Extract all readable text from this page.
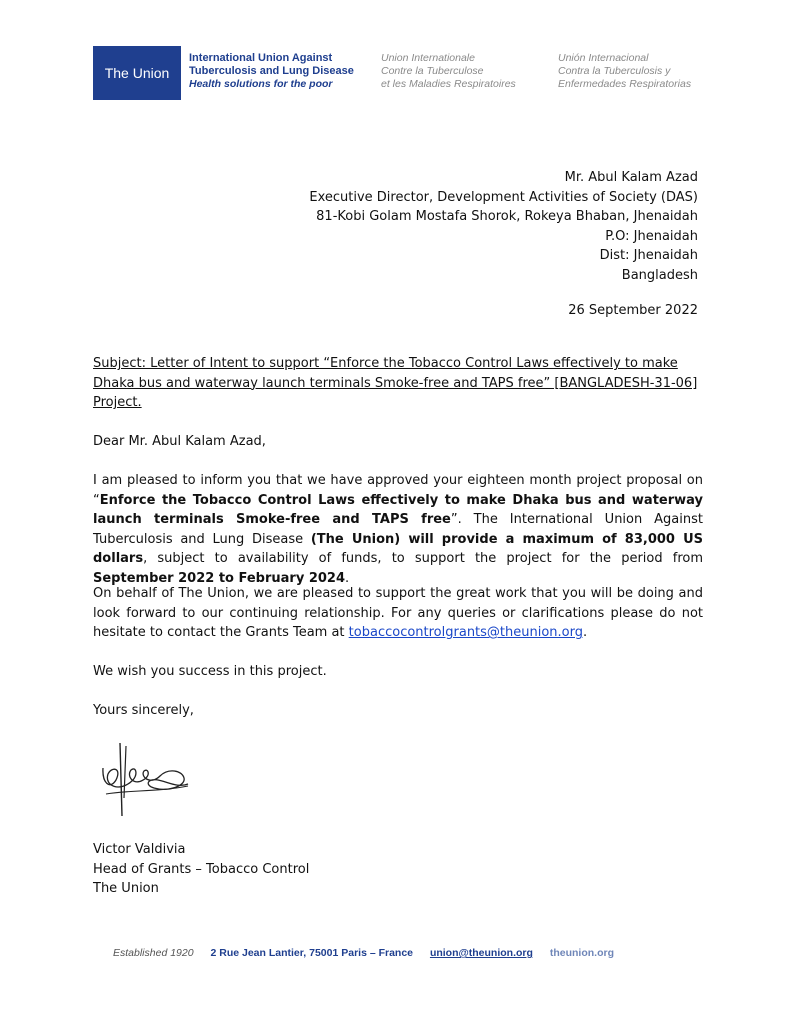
The Union
International Union Against
Tuberculosis and Lung Disease
Health solutions for the poor
Union Internationale
Contre la Tuberculose
et les Maladies Respiratoires
Unión Internacional
Contra la Tuberculosis y
Enfermedades Respiratorias
Mr. Abul Kalam Azad
Executive Director, Development Activities of Society (DAS)
81-Kobi Golam Mostafa Shorok, Rokeya Bhaban, Jhenaidah
P.O: Jhenaidah
Dist: Jhenaidah
Bangladesh
26 September 2022
Subject: Letter of Intent to support “Enforce the Tobacco Control Laws effectively to make Dhaka bus and waterway launch terminals Smoke-free and TAPS free” [BANGLADESH-31-06] Project.
Dear Mr. Abul Kalam Azad,
I am pleased to inform you that we have approved your eighteen month project proposal on “Enforce the Tobacco Control Laws effectively to make Dhaka bus and waterway launch terminals Smoke-free and TAPS free”. The International Union Against Tuberculosis and Lung Disease (The Union) will provide a maximum of 83,000 US dollars, subject to availability of funds, to support the project for the period from September 2022 to February 2024.
On behalf of The Union, we are pleased to support the great work that you will be doing and look forward to our continuing relationship. For any queries or clarifications please do not hesitate to contact the Grants Team at tobaccocontrolgrants@theunion.org.
We wish you success in this project.
Yours sincerely,
Victor Valdivia
Head of Grants – Tobacco Control
The Union
Established 1920 2 Rue Jean Lantier, 75001 Paris – France union@theunion.org theunion.org
